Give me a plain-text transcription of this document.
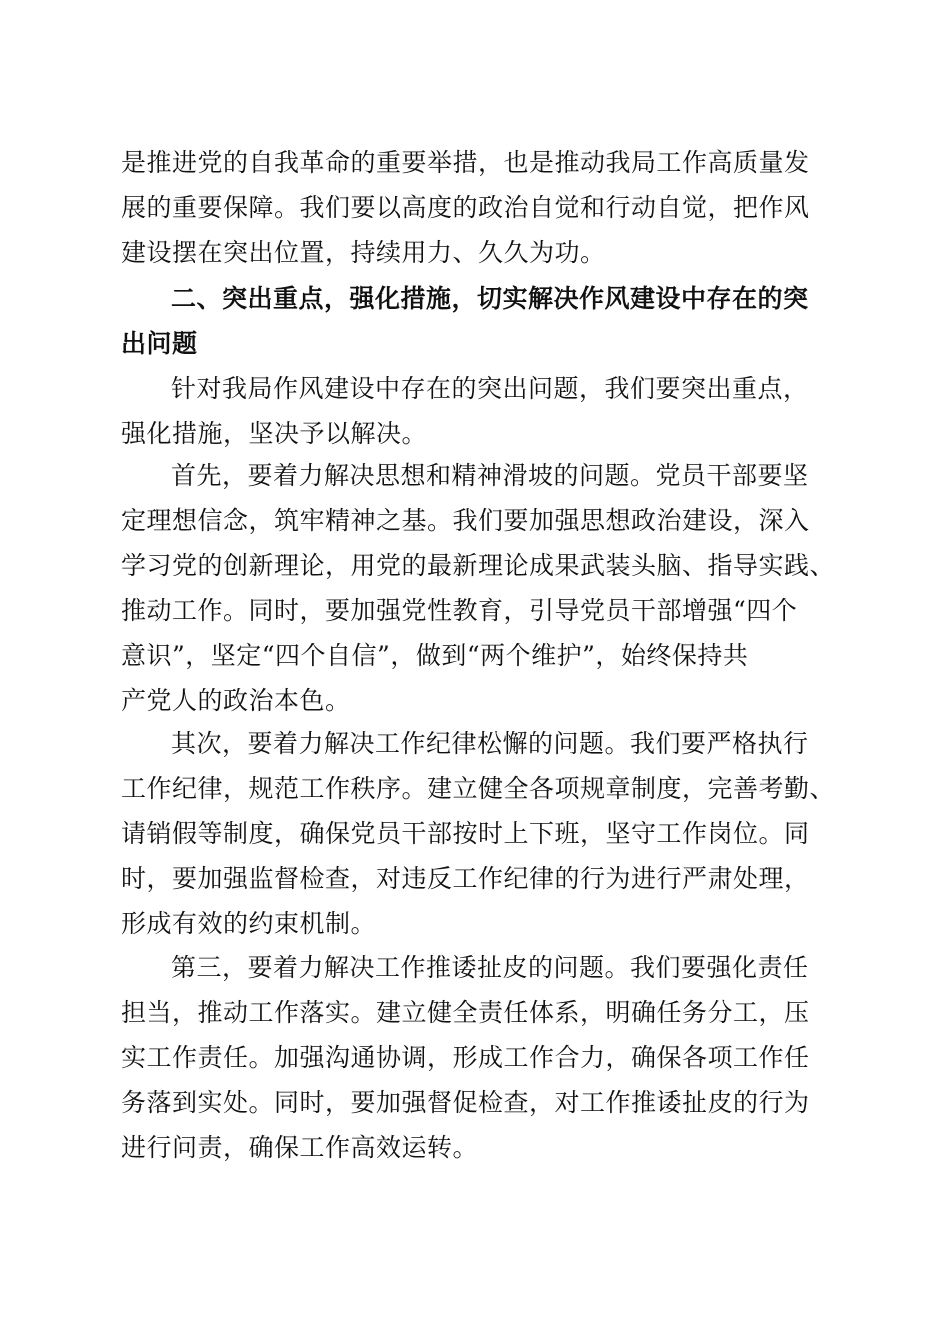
是推进党的自我革命的重要举措，也是推动我局工作高质量发
展的重要保障。我们要以高度的政治自觉和行动自觉，把作风
建设摆在突出位置，持续用力、久久为功。
二、突出重点，强化措施，切实解决作风建设中存在的突
出问题
针对我局作风建设中存在的突出问题，我们要突出重点，
强化措施，坚决予以解决。
首先，要着力解决思想和精神滑坡的问题。党员干部要坚
定理想信念，筑牢精神之基。我们要加强思想政治建设，深入
学习党的创新理论，用党的最新理论成果武装头脑、指导实践、
推动工作。同时，要加强党性教育，引导党员干部增强“四个
意识”，坚定“四个自信”，做到“两个维护”，始终保持共
产党人的政治本色。
其次，要着力解决工作纪律松懈的问题。我们要严格执行
工作纪律，规范工作秩序。建立健全各项规章制度，完善考勤、
请销假等制度，确保党员干部按时上下班，坚守工作岗位。同
时，要加强监督检查，对违反工作纪律的行为进行严肃处理，
形成有效的约束机制。
第三，要着力解决工作推诿扯皮的问题。我们要强化责任
担当，推动工作落实。建立健全责任体系，明确任务分工，压
实工作责任。加强沟通协调，形成工作合力，确保各项工作任
务落到实处。同时，要加强督促检查，对工作推诿扯皮的行为
进行问责，确保工作高效运转。
